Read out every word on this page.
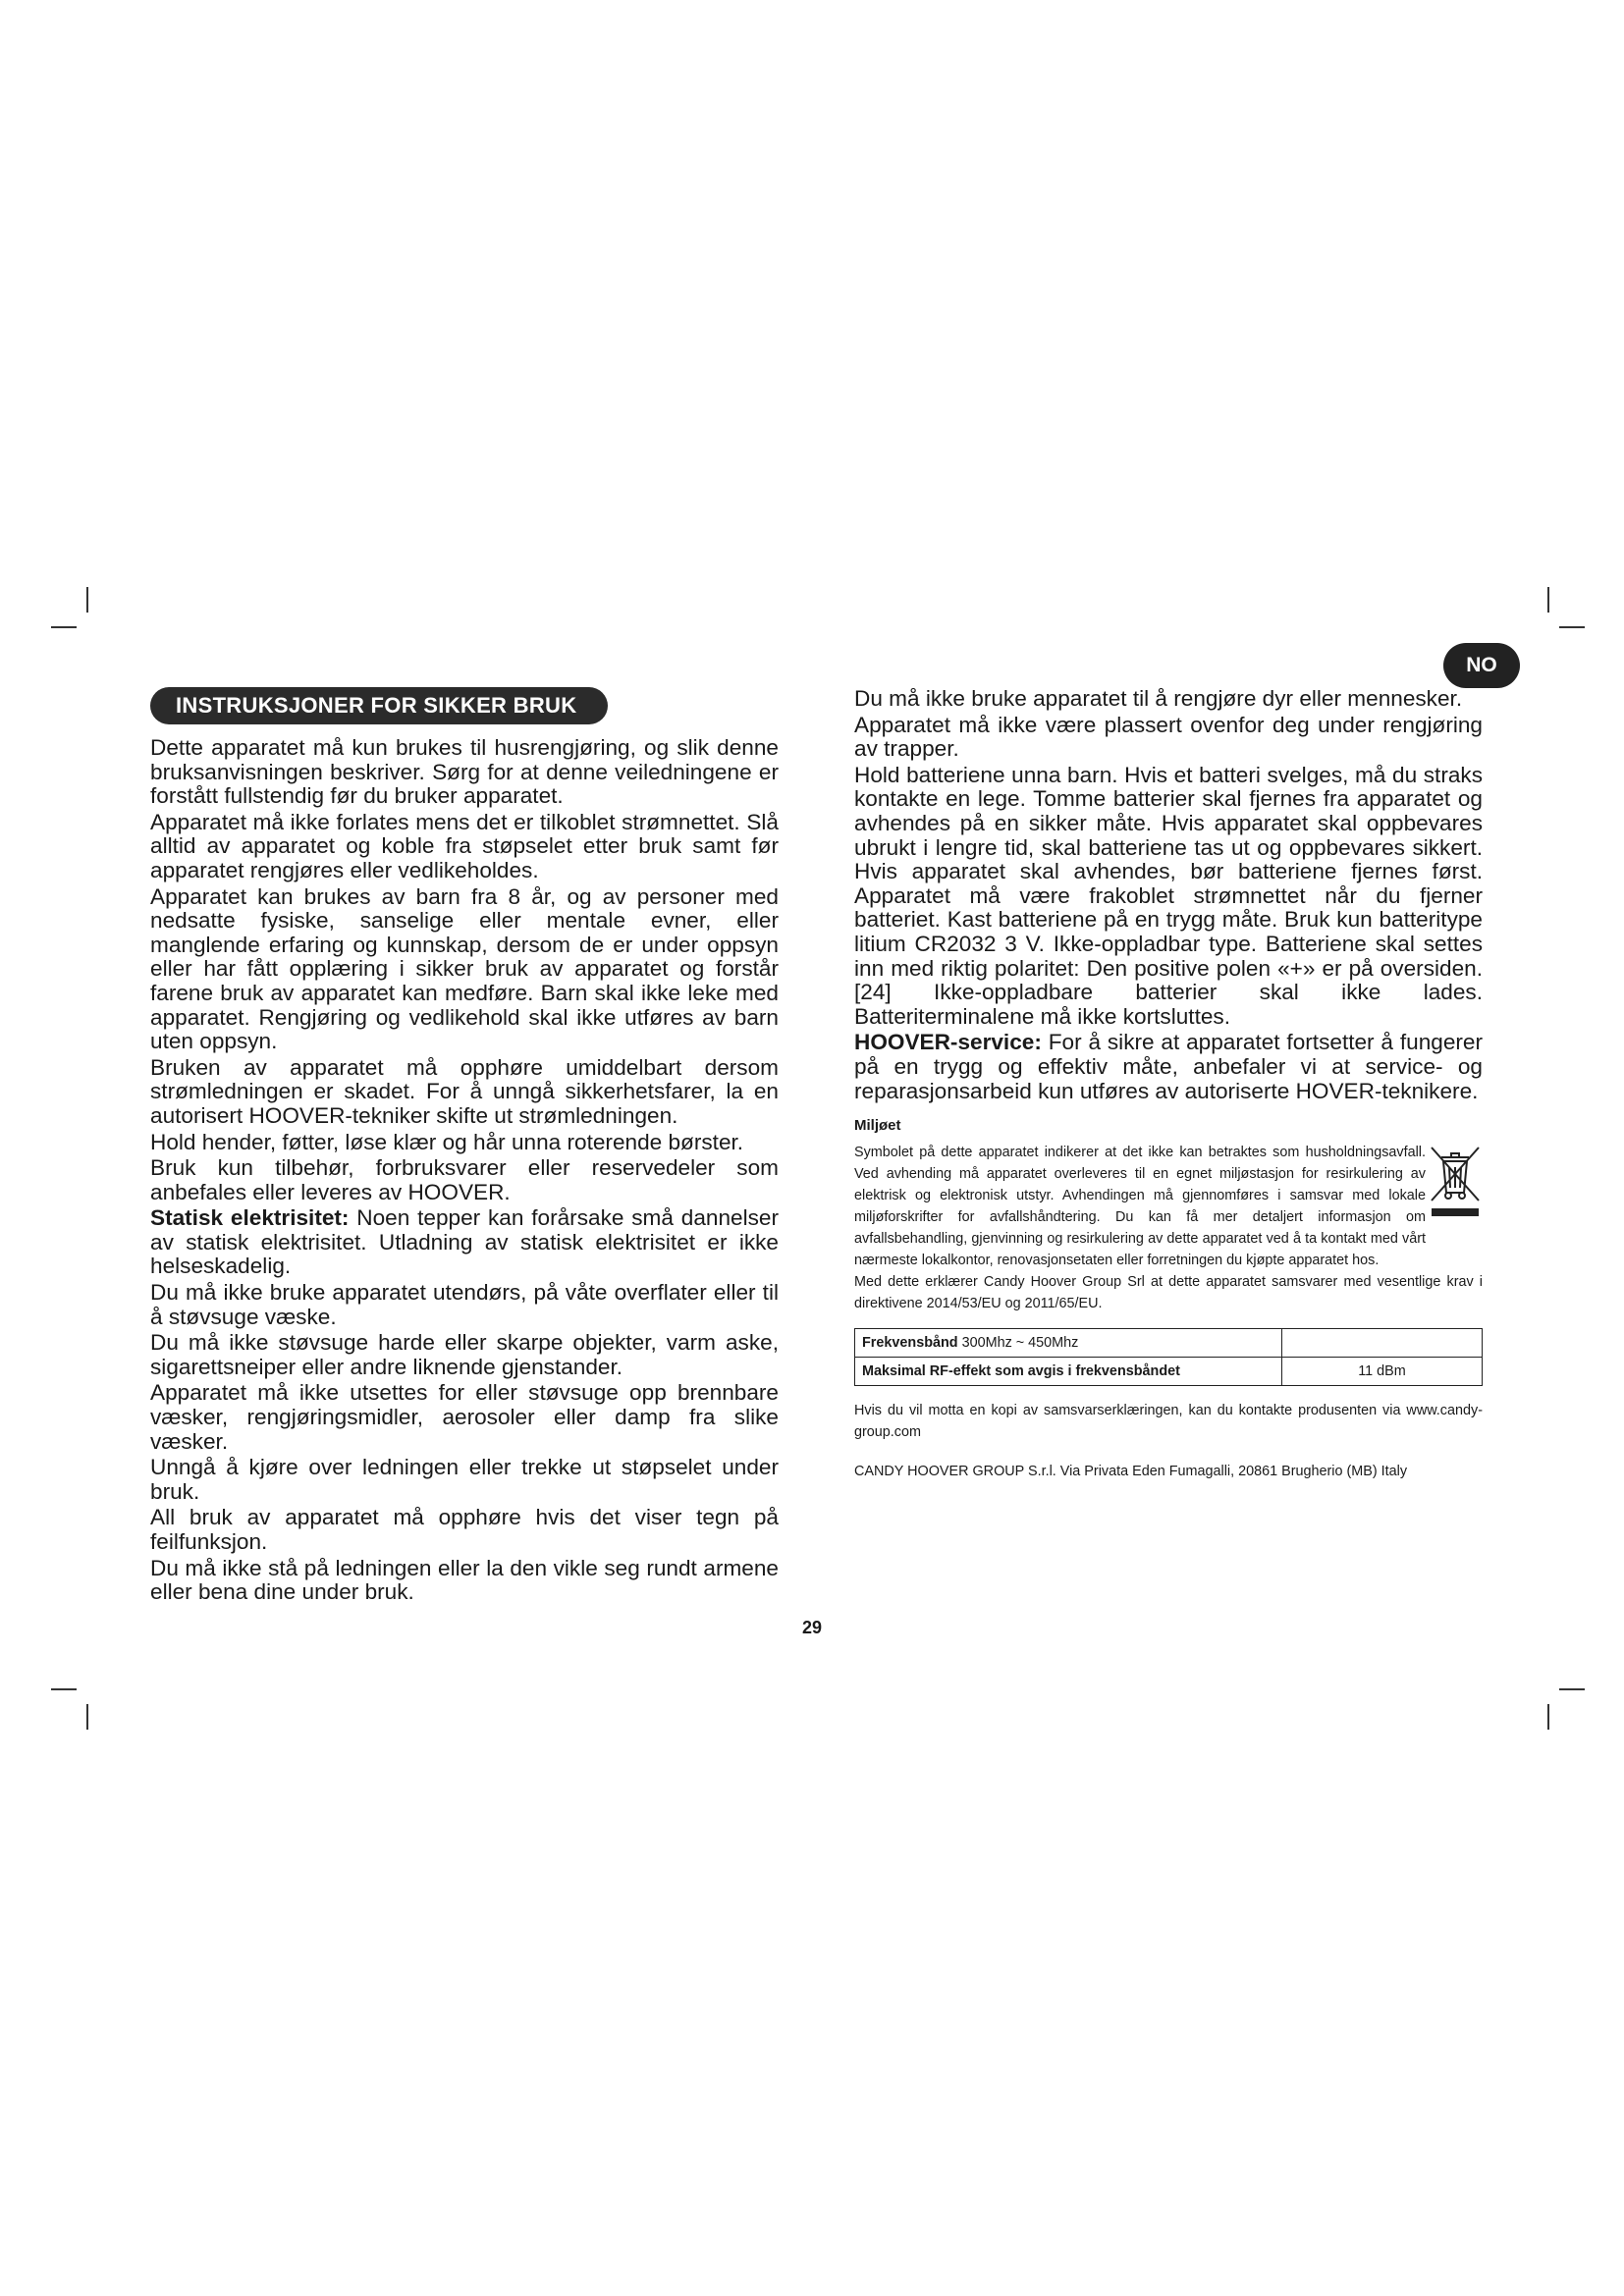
NO
INSTRUKSJONER FOR SIKKER BRUK

Dette apparatet må kun brukes til husrengjøring, og slik denne bruksanvisningen beskriver. Sørg for at denne veiledningene er forstått fullstendig før du bruker apparatet.

Apparatet må ikke forlates mens det er tilkoblet strømnettet. Slå alltid av apparatet og koble fra støpselet etter bruk samt før apparatet rengjøres eller vedlikeholdes.

Apparatet kan brukes av barn fra 8 år, og av personer med nedsatte fysiske, sanselige eller mentale evner, eller manglende erfaring og kunnskap, dersom de er under oppsyn eller har fått opplæring i sikker bruk av apparatet og forstår farene bruk av apparatet kan medføre. Barn skal ikke leke med apparatet. Rengjøring og vedlikehold skal ikke utføres av barn uten oppsyn.

Bruken av apparatet må opphøre umiddelbart dersom strømledningen er skadet. For å unngå sikkerhetsfarer, la en autorisert HOOVER-tekniker skifte ut strømledningen.

Hold hender, føtter, løse klær og hår unna roterende børster.

Bruk kun tilbehør, forbruksvarer eller reservedeler som anbefales eller leveres av HOOVER.

Statisk elektrisitet: Noen tepper kan forårsake små dannelser av statisk elektrisitet. Utladning av statisk elektrisitet er ikke helseskadelig.

Du må ikke bruke apparatet utendørs, på våte overflater eller til å støvsuge væske.

Du må ikke støvsuge harde eller skarpe objekter, varm aske, sigarettsneiper eller andre liknende gjenstander.

Apparatet må ikke utsettes for eller støvsuge opp brennbare væsker, rengjøringsmidler, aerosoler eller damp fra slike væsker.

Unngå å kjøre over ledningen eller trekke ut støpselet under bruk.

All bruk av apparatet må opphøre hvis det viser tegn på feilfunksjon.

Du må ikke stå på ledningen eller la den vikle seg rundt armene eller bena dine under bruk.

Du må ikke bruke apparatet til å rengjøre dyr eller mennesker.

Apparatet må ikke være plassert ovenfor deg under rengjøring av trapper.

Hold batteriene unna barn. Hvis et batteri svelges, må du straks kontakte en lege. Tomme batterier skal fjernes fra apparatet og avhendes på en sikker måte. Hvis apparatet skal oppbevares ubrukt i lengre tid, skal batteriene tas ut og oppbevares sikkert. Hvis apparatet skal avhendes, bør batteriene fjernes først. Apparatet må være frakoblet strømnettet når du fjerner batteriet. Kast batteriene på en trygg måte. Bruk kun batteritype litium CR2032 3 V. Ikke-oppladbar type. Batteriene skal settes inn med riktig polaritet: Den positive polen «+» er på oversiden. [24] Ikke-oppladbare batterier skal ikke lades. Batteriterminalene må ikke kortsluttes.

HOOVER-service: For å sikre at apparatet fortsetter å fungerer på en trygg og effektiv måte, anbefaler vi at service- og reparasjonsarbeid kun utføres av autoriserte HOVER-teknikere.

Miljøet

Symbolet på dette apparatet indikerer at det ikke kan betraktes som husholdningsavfall. Ved avhending må apparatet overleveres til en egnet miljøstasjon for resirkulering av elektrisk og elektronisk utstyr. Avhendingen må gjennomføres i samsvar med lokale miljøforskrifter for avfallshåndtering. Du kan få mer detaljert informasjon om avfallsbehandling, gjenvinning og resirkulering av dette apparatet ved å ta kontakt med vårt nærmeste lokalkontor, renovasjonsetaten eller forretningen du kjøpte apparatet hos.

Med dette erklærer Candy Hoover Group Srl at dette apparatet samsvarer med vesentlige krav i direktivene 2014/53/EU og 2011/65/EU.

Frekvensbånd 300Mhz ~ 450Mhz	
Maksimal RF-effekt som avgis i frekvensbåndet	11 dBm

Hvis du vil motta en kopi av samsvarserklæringen, kan du kontakte produsenten via www.candy-group.com

CANDY HOOVER GROUP S.r.l. Via Privata Eden Fumagalli, 20861 Brugherio (MB) Italy

29
